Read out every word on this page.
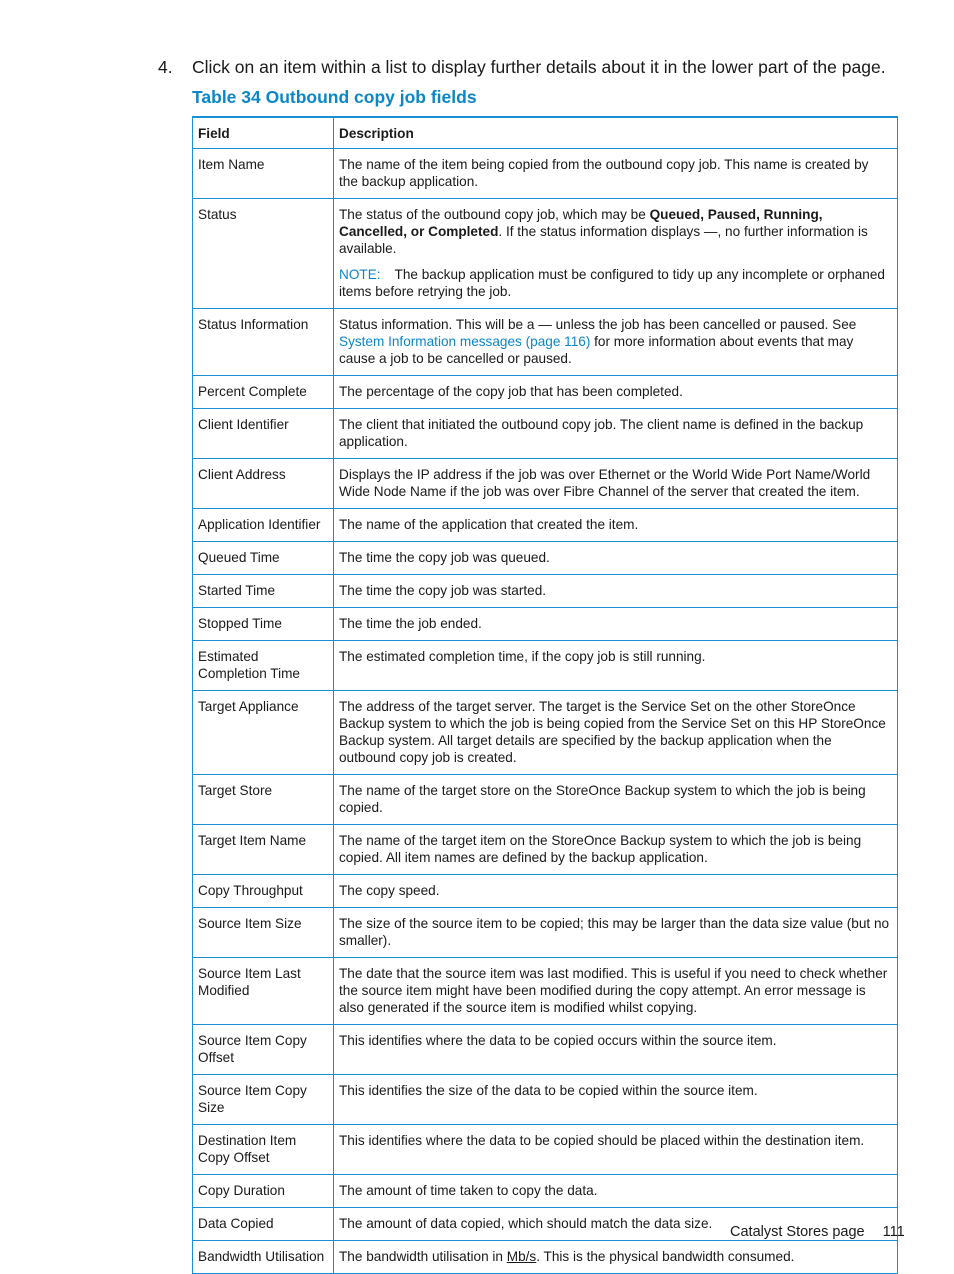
4. Click on an item within a list to display further details about it in the lower part of the page.
Table 34 Outbound copy job fields
Field	Description
Item Name	The name of the item being copied from the outbound copy job. This name is created by the backup application.
Status	The status of the outbound copy job, which may be Queued, Paused, Running, Cancelled, or Completed. If the status information displays —, no further information is available.

NOTE: The backup application must be configured to tidy up any incomplete or orphaned items before retrying the job.

Status Information	Status information. This will be a — unless the job has been cancelled or paused. See System Information messages (page 116) for more information about events that may cause a job to be cancelled or paused.
Percent Complete	The percentage of the copy job that has been completed.
Client Identifier	The client that initiated the outbound copy job. The client name is defined in the backup application.
Client Address	Displays the IP address if the job was over Ethernet or the World Wide Port Name/World Wide Node Name if the job was over Fibre Channel of the server that created the item.
Application Identifier	The name of the application that created the item.
Queued Time	The time the copy job was queued.
Started Time	The time the copy job was started.
Stopped Time	The time the job ended.
Estimated Completion Time	The estimated completion time, if the copy job is still running.
Target Appliance	The address of the target server. The target is the Service Set on the other StoreOnce Backup system to which the job is being copied from the Service Set on this HP StoreOnce Backup system. All target details are specified by the backup application when the outbound copy job is created.
Target Store	The name of the target store on the StoreOnce Backup system to which the job is being copied.
Target Item Name	The name of the target item on the StoreOnce Backup system to which the job is being copied. All item names are defined by the backup application.
Copy Throughput	The copy speed.
Source Item Size	The size of the source item to be copied; this may be larger than the data size value (but no smaller).
Source Item Last Modified	The date that the source item was last modified. This is useful if you need to check whether the source item might have been modified during the copy attempt. An error message is also generated if the source item is modified whilst copying.
Source Item Copy Offset	This identifies where the data to be copied occurs within the source item.
Source Item Copy Size	This identifies the size of the data to be copied within the source item.
Destination Item Copy Offset	This identifies where the data to be copied should be placed within the destination item.
Copy Duration	The amount of time taken to copy the data.
Data Copied	The amount of data copied, which should match the data size.
Bandwidth Utilisation	The bandwidth utilisation in Mb/s. This is the physical bandwidth consumed.
Catalyst Stores page 111
